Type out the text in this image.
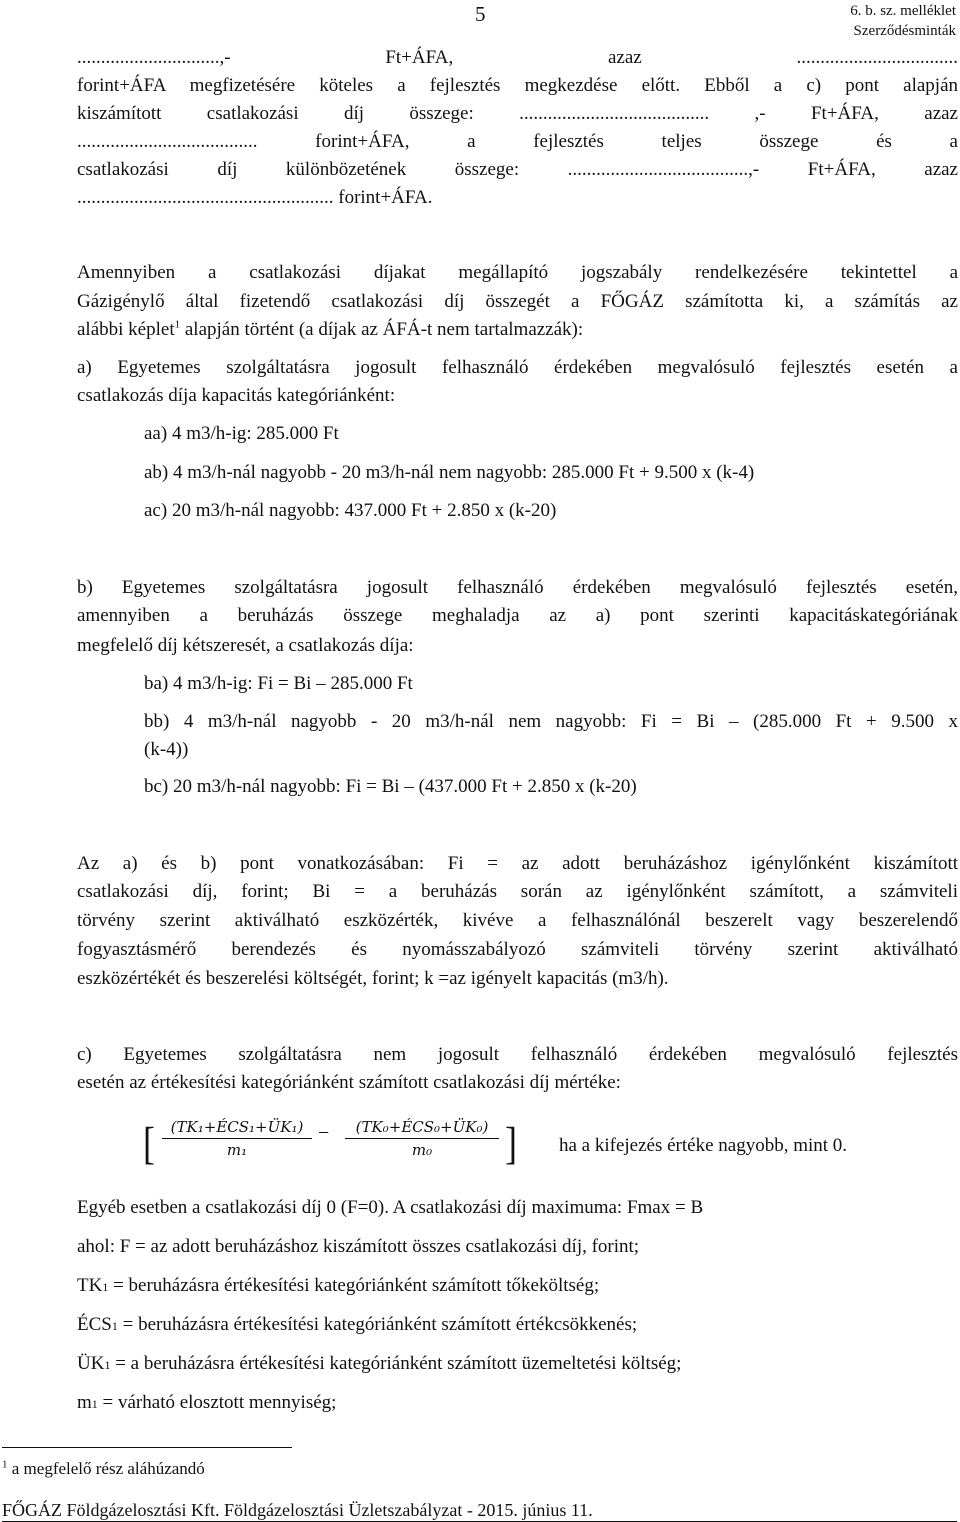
5	6. b. sz. melléklet
Szerződésminták
..............................,- Ft+ÁFA, azaz ..................................
forint+ÁFA megfizetésére köteles a fejlesztés megkezdése előtt. Ebből a c) pont alapján
kiszámított csatlakozási díj összege: ........................................ ,- Ft+ÁFA, azaz
...................................... forint+ÁFA, a fejlesztés teljes összege és a
csatlakozási díj különbözetének összege: ......................................,- Ft+ÁFA, azaz
...................................................... forint+ÁFA.
Amennyiben a csatlakozási díjakat megállapító jogszabály rendelkezésére tekintettel a
Gázigénylő által fizetendő csatlakozási díj összegét a FŐGÁZ számította ki, a számítás az
alábbi képlet$^1$ alapján történt (a díjak az ÁFÁ-t nem tartalmazzák):
a) Egyetemes szolgáltatásra jogosult felhasználó érdekében megvalósuló fejlesztés esetén a
csatlakozás díja kapacitás kategóriánként:
aa) 4 m3/h-ig: 285.000 Ft
ab) 4 m3/h-nál nagyobb - 20 m3/h-nál nem nagyobb: 285.000 Ft + 9.500 x (k-4)
ac) 20 m3/h-nál nagyobb: 437.000 Ft + 2.850 x (k-20)
b) Egyetemes szolgáltatásra jogosult felhasználó érdekében megvalósuló fejlesztés esetén,
amennyiben a beruházás összege meghaladja az a) pont szerinti kapacitáskategóriának
megfelelő díj kétszeresét, a csatlakozás díja:
ba) 4 m3/h-ig: Fi = Bi – 285.000 Ft
bb) 4 m3/h-nál nagyobb - 20 m3/h-nál nem nagyobb: Fi = Bi – (285.000 Ft + 9.500 x
(k-4))
bc) 20 m3/h-nál nagyobb: Fi = Bi – (437.000 Ft + 2.850 x (k-20)
Az a) és b) pont vonatkozásában: Fi = az adott beruházáshoz igénylőnként kiszámított
csatlakozási díj, forint; Bi = a beruházás során az igénylőnként számított, a számviteli
törvény szerint aktiválható eszközérték, kivéve a felhasználónál beszerelt vagy beszerelendő
fogyasztásmérő berendezés és nyomásszabályozó számviteli törvény szerint aktiválható
eszközértékét és beszerelési költségét, forint; k =az igényelt kapacitás (m3/h).
c) Egyetemes szolgáltatásra nem jogosult felhasználó érdekében megvalósuló fejlesztés
esetén az értékesítési kategóriánként számított csatlakozási díj mértéke:
[	(TK₁+ÉCS₁+ÜK₁)
m₁
−	(TK₀+ÉCS₀+ÜK₀)
m₀	] ha a kifejezés értéke nagyobb, mint 0.
Egyéb esetben a csatlakozási díj 0 (F=0). A csatlakozási díj maximuma: Fmax = B
ahol: F = az adott beruházáshoz kiszámított összes csatlakozási díj, forint;
TK1 = beruházásra értékesítési kategóriánként számított tőkeköltség;
ÉCS1 = beruházásra értékesítési kategóriánként számított értékcsökkenés;
ÜK1 = a beruházásra értékesítési kategóriánként számított üzemeltetési költség;
m1 = várható elosztott mennyiség;
$^1$ a megfelelő rész aláhúzandó
FŐGÁZ Földgázelosztási Kft. Földgázelosztási Üzletszabályzat - 2015. június 11.
